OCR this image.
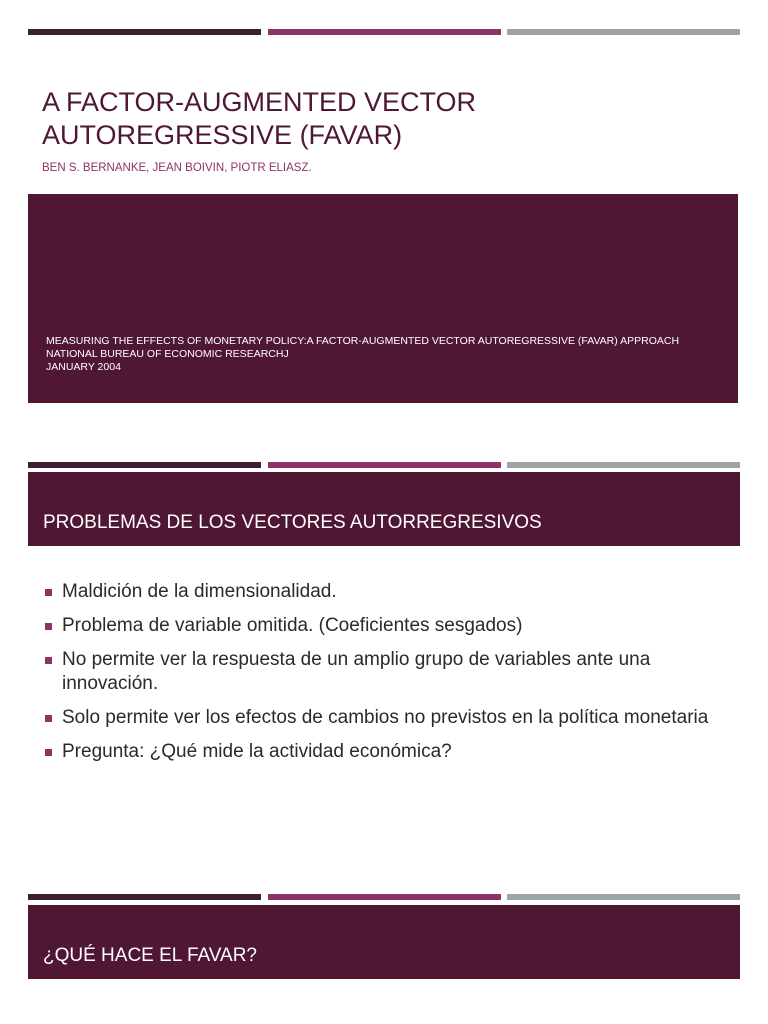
A FACTOR-AUGMENTED VECTOR AUTOREGRESSIVE (FAVAR)

BEN S. BERNANKE, JEAN BOIVIN, PIOTR ELIASZ.

MEASURING THE EFFECTS OF MONETARY POLICY:A FACTOR-AUGMENTED VECTOR AUTOREGRESSIVE (FAVAR) APPROACH
NATIONAL BUREAU OF ECONOMIC RESEARCHJ
JANUARY 2004
PROBLEMAS DE LOS VECTORES AUTORREGRESIVOS
Maldición de la dimensionalidad.
Problema de variable omitida. (Coeficientes sesgados)
No permite ver la respuesta de un amplio grupo de variables ante una innovación.
Solo permite ver los efectos de cambios no previstos en la política monetaria
Pregunta: ¿Qué mide la actividad económica?
¿QUÉ HACE EL FAVAR?
